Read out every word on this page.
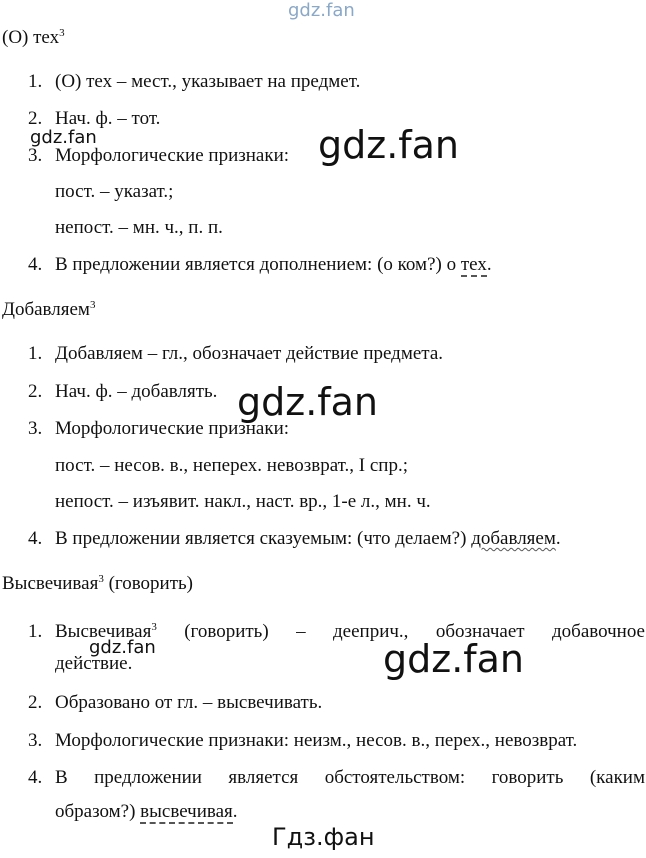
gdz.fan
gdz.fan	gdz.fan
gdz.fan
gdz.fan	gdz.fan
Гдз.фан
(О) тех$^3$
1. (О) тех – мест., указывает на предмет.
2. Нач. ф. – тот.
3. Морфологические признаки:
пост. – указат.;
непост. – мн. ч., п. п.
4. В предложении является дополнением: (о ком?) о тех.
Добавляем$^3$
1. Добавляем – гл., обозначает действие предмета.
2. Нач. ф. – добавлять.
3. Морфологические признаки:
пост. – несов. в., неперех. невозврат., I спр.;
непост. – изъявит. накл., наст. вр., 1-е л., мн. ч.
4. В предложении является сказуемым: (что делаем?) добавляем.
Высвечивая$^3$ (говорить)
1. Высвечивая$^3$ (говорить) – дееприч., обозначает добавочное
действие.
2. Образовано от гл. – высвечивать.
3. Морфологические признаки: неизм., несов. в., перех., невозврат.
4. В предложении является обстоятельством: говорить (каким
образом?) высвечивая.
